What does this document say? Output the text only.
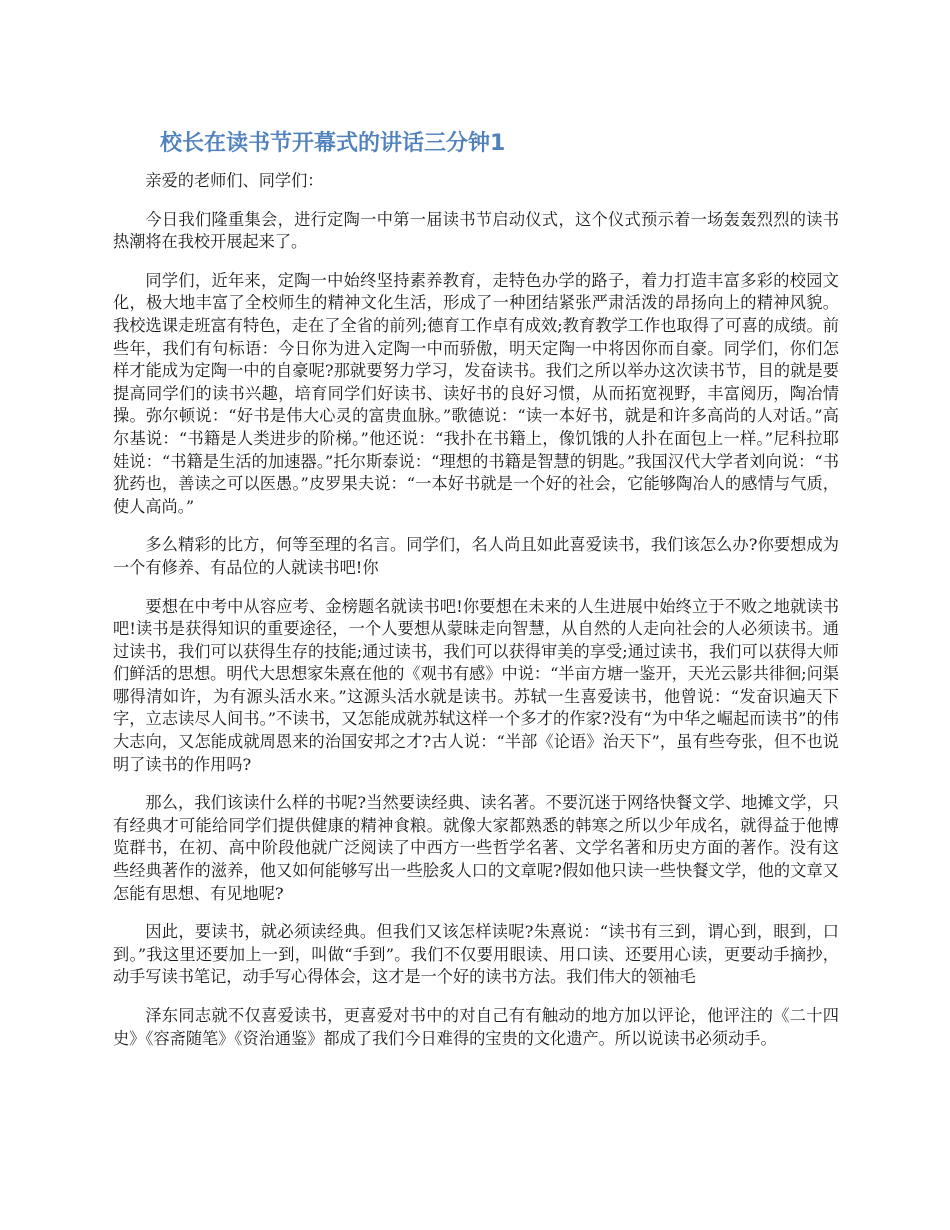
校长在读书节开幕式的讲话三分钟1

亲爱的老师们、同学们：

今日我们隆重集会，进行定陶一中第一届读书节启动仪式，这个仪式预示着一场轰轰烈烈的读书热潮将在我校开展起来了。

同学们，近年来，定陶一中始终坚持素养教育，走特色办学的路子，着力打造丰富多彩的校园文化，极大地丰富了全校师生的精神文化生活，形成了一种团结紧张严肃活泼的昂扬向上的精神风貌。我校选课走班富有特色，走在了全省的前列;德育工作卓有成效;教育教学工作也取得了可喜的成绩。前些年，我们有句标语：今日你为进入定陶一中而骄傲，明天定陶一中将因你而自豪。同学们，你们怎样才能成为定陶一中的自豪呢?那就要努力学习，发奋读书。我们之所以举办这次读书节，目的就是要提高同学们的读书兴趣，培育同学们好读书、读好书的良好习惯，从而拓宽视野，丰富阅历，陶冶情操。弥尔顿说：“好书是伟大心灵的富贵血脉。”歌德说：“读一本好书，就是和许多高尚的人对话。”高尔基说：“书籍是人类进步的阶梯。”他还说：“我扑在书籍上，像饥饿的人扑在面包上一样。”尼科拉耶娃说：“书籍是生活的加速器。”托尔斯泰说：“理想的书籍是智慧的钥匙。”我国汉代大学者刘向说：“书犹药也，善读之可以医愚。”皮罗果夫说：“一本好书就是一个好的社会，它能够陶冶人的感情与气质，使人高尚。”

多么精彩的比方，何等至理的名言。同学们，名人尚且如此喜爱读书，我们该怎么办?你要想成为一个有修养、有品位的人就读书吧!你

要想在中考中从容应考、金榜题名就读书吧!你要想在未来的人生进展中始终立于不败之地就读书吧!读书是获得知识的重要途径，一个人要想从蒙昧走向智慧，从自然的人走向社会的人必须读书。通过读书，我们可以获得生存的技能;通过读书，我们可以获得审美的享受;通过读书，我们可以获得大师们鲜活的思想。明代大思想家朱熹在他的《观书有感》中说：“半亩方塘一鉴开，天光云影共徘徊;问渠哪得清如许，为有源头活水来。”这源头活水就是读书。苏轼一生喜爱读书，他曾说：“发奋识遍天下字，立志读尽人间书。”不读书，又怎能成就苏轼这样一个多才的作家?没有“为中华之崛起而读书”的伟大志向，又怎能成就周恩来的治国安邦之才?古人说：“半部《论语》治天下”，虽有些夸张，但不也说明了读书的作用吗?

那么，我们该读什么样的书呢?当然要读经典、读名著。不要沉迷于网络快餐文学、地摊文学，只有经典才可能给同学们提供健康的精神食粮。就像大家都熟悉的韩寒之所以少年成名，就得益于他博览群书，在初、高中阶段他就广泛阅读了中西方一些哲学名著、文学名著和历史方面的著作。没有这些经典著作的滋养，他又如何能够写出一些脍炙人口的文章呢?假如他只读一些快餐文学，他的文章又怎能有思想、有见地呢?

因此，要读书，就必须读经典。但我们又该怎样读呢?朱熹说：“读书有三到，谓心到，眼到，口到。”我这里还要加上一到，叫做“手到”。我们不仅要用眼读、用口读、还要用心读，更要动手摘抄，动手写读书笔记，动手写心得体会，这才是一个好的读书方法。我们伟大的领袖毛

泽东同志就不仅喜爱读书，更喜爱对书中的对自己有有触动的地方加以评论，他评注的《二十四史》《容斋随笔》《资治通鉴》都成了我们今日难得的宝贵的文化遗产。所以说读书必须动手。
